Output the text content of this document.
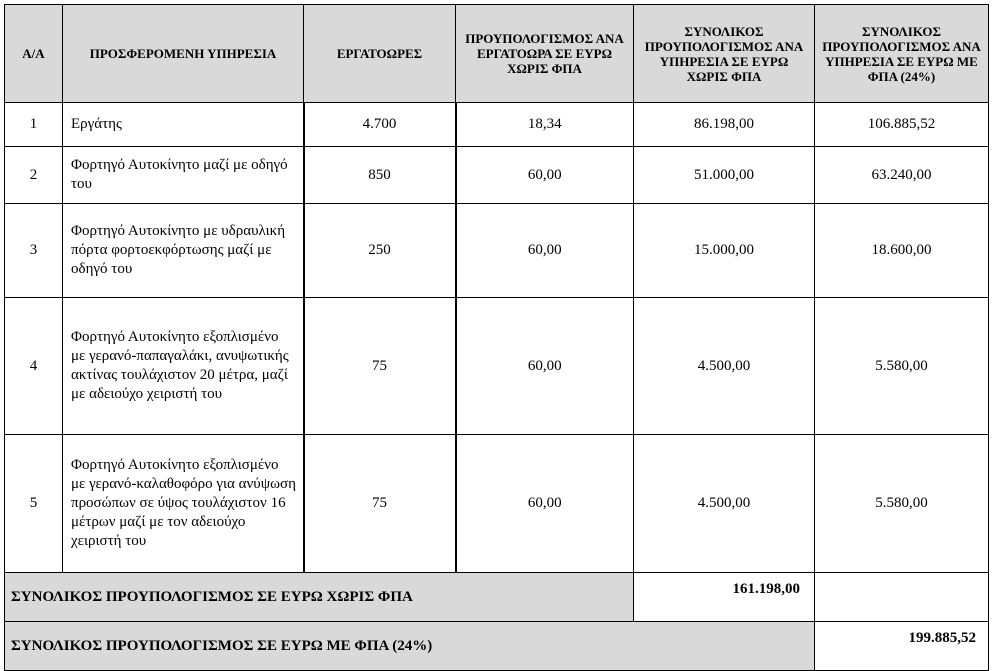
Α/Α	ΠΡΟΣΦΕΡΟΜΕΝΗ ΥΠΗΡΕΣΙΑ	ΕΡΓΑΤΟΩΡΕΣ	ΠΡΟΥΠΟΛΟΓΙΣΜΟΣ ΑΝΑ ΕΡΓΑΤΟΩΡΑ ΣΕ ΕΥΡΩ ΧΩΡΙΣ ΦΠΑ	ΣΥΝΟΛΙΚΟΣ ΠΡΟΥΠΟΛΟΓΙΣΜΟΣ ΑΝΑ ΥΠΗΡΕΣΙΑ ΣΕ ΕΥΡΩ ΧΩΡΙΣ ΦΠΑ	ΣΥΝΟΛΙΚΟΣ ΠΡΟΥΠΟΛΟΓΙΣΜΟΣ ΑΝΑ ΥΠΗΡΕΣΙΑ ΣΕ ΕΥΡΩ ΜΕ ΦΠΑ (24%)
1	Εργάτης	4.700	18,34	86.198,00	106.885,52
2	Φορτηγό Αυτοκίνητο μαζί με οδηγό του	850	60,00	51.000,00	63.240,00
3	Φορτηγό Αυτοκίνητο με υδραυλική πόρτα φορτοεκφόρτωσης μαζί με οδηγό του	250	60,00	15.000,00	18.600,00
4	Φορτηγό Αυτοκίνητο εξοπλισμένο με γερανό-παπαγαλάκι, ανυψωτικής ακτίνας τουλάχιστον 20 μέτρα, μαζί με αδειούχο χειριστή του	75	60,00	4.500,00	5.580,00
5	Φορτηγό Αυτοκίνητο εξοπλισμένο με γερανό-καλαθοφόρο για ανύψωση προσώπων σε ύψος τουλάχιστον 16 μέτρων μαζί με τον αδειούχο χειριστή του	75	60,00	4.500,00	5.580,00
ΣΥΝΟΛΙΚΟΣ ΠΡΟΥΠΟΛΟΓΙΣΜΟΣ ΣΕ ΕΥΡΩ ΧΩΡΙΣ ΦΠΑ				161.198,00	
ΣΥΝΟΛΙΚΟΣ ΠΡΟΥΠΟΛΟΓΙΣΜΟΣ ΣΕ ΕΥΡΩ ΜΕ ΦΠΑ (24%)					199.885,52
